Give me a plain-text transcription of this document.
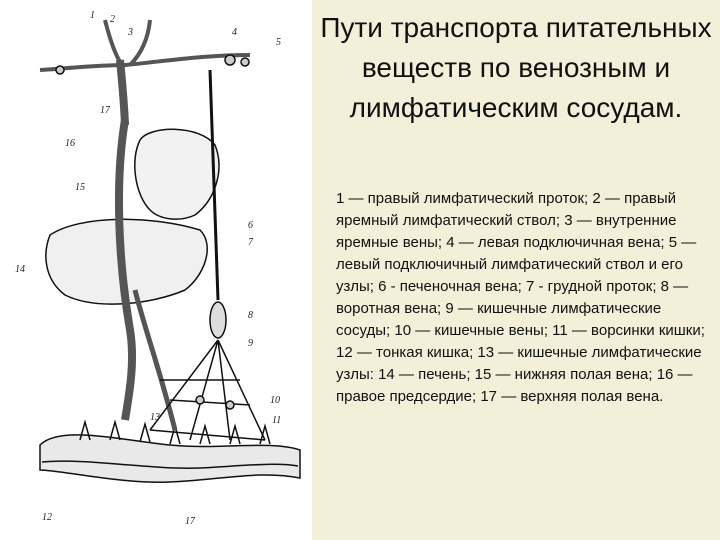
1 2
3	4
5
17
16
15
14
6
7
8
9
10
11
12
13
17
Пути транспорта питательных веществ по венозным и лимфатическим сосудам.
1 — правый лимфатический проток; 2 — правый яремный лимфатический ствол; 3 — внутренние яремные вены; 4 — левая подключичная вена; 5 — левый подключичный лимфатический ствол и его узлы; 6 - печеночная вена; 7 - грудной проток; 8 — воротная вена; 9 — кишечные лимфатические сосуды; 10 — кишечные вены; 11 — ворсинки кишки; 12 — тонкая кишка; 13 — кишечные лимфатические узлы: 14 — печень; 15 — нижняя полая вена; 16 — правое предсердие; 17 — верхняя полая вена.
